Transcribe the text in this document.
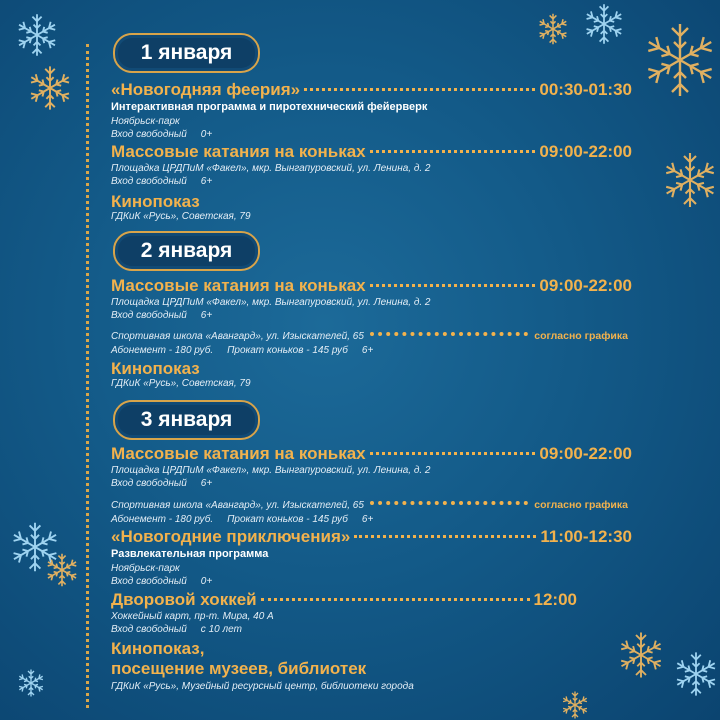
1 января
«Новогодняя феерия»	00:30-01:30
Интерактивная программа и пиротехнический фейерверк
Ноябрьск-парк
Вход свободный 0+
Массовые катания на коньках	09:00-22:00
Площадка ЦРДПиМ «Факел», мкр. Вынгапуровский, ул. Ленина, д. 2
Вход свободный 6+
Кинопоказ
ГДКиК «Русь», Советская, 79
2 января
Массовые катания на коньках	09:00-22:00
Площадка ЦРДПиМ «Факел», мкр. Вынгапуровский, ул. Ленина, д. 2
Вход свободный 6+
Спортивная школа «Авангард», ул. Изыскателей, 65	согласно графика
Абонемент - 180 руб. Прокат коньков - 145 руб 6+
Кинопоказ
ГДКиК «Русь», Советская, 79
3 января
Массовые катания на коньках	09:00-22:00
Площадка ЦРДПиМ «Факел», мкр. Вынгапуровский, ул. Ленина, д. 2
Вход свободный 6+
Спортивная школа «Авангард», ул. Изыскателей, 65	согласно графика
Абонемент - 180 руб. Прокат коньков - 145 руб 6+
«Новогодние приключения»	11:00-12:30
Развлекательная программа
Ноябрьск-парк
Вход свободный 0+
Дворовой хоккей	12:00
Хоккейный карт, пр-т. Мира, 40 А
Вход свободный с 10 лет
Кинопоказ,
посещение музеев, библиотек
ГДКиК «Русь», Музейный ресурсный центр, библиотеки города
